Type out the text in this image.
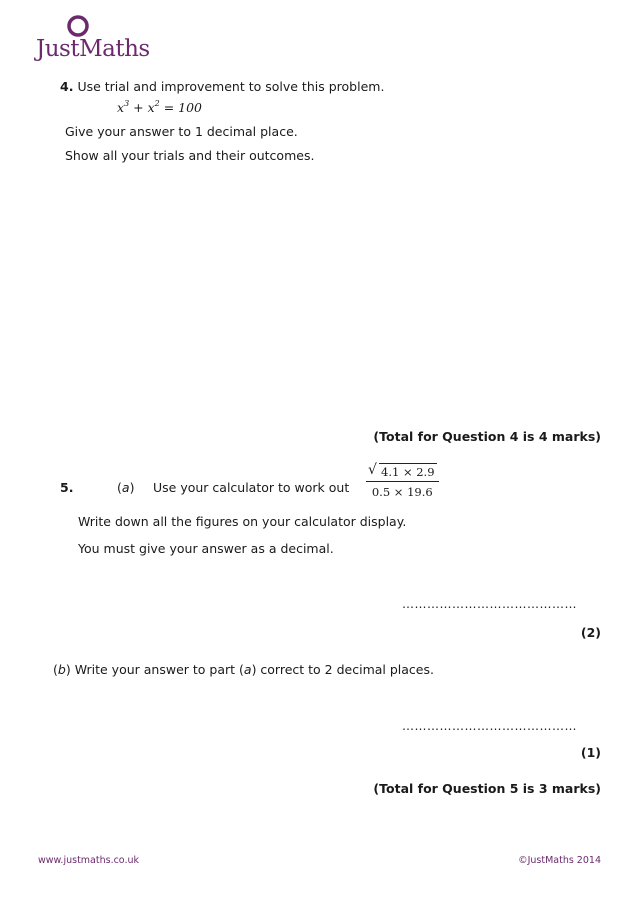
JustMaths
4. Use trial and improvement to solve this problem.
$x^3 + x^2 = 100$
Give your answer to 1 decimal place.
Show all your trials and their outcomes.
(Total for Question 4 is 4 marks)
5.	(a) Use your calculator to work out $\frac{√ 4.1 \times 2.9}{0.5 \times 19.6}$
Write down all the figures on your calculator display.
You must give your answer as a decimal.
……………………………………
(2)
(b) Write your answer to part (a) correct to 2 decimal places.
……………………………………
(1)
(Total for Question 5 is 3 marks)
www.justmaths.co.uk	©JustMaths 2014
